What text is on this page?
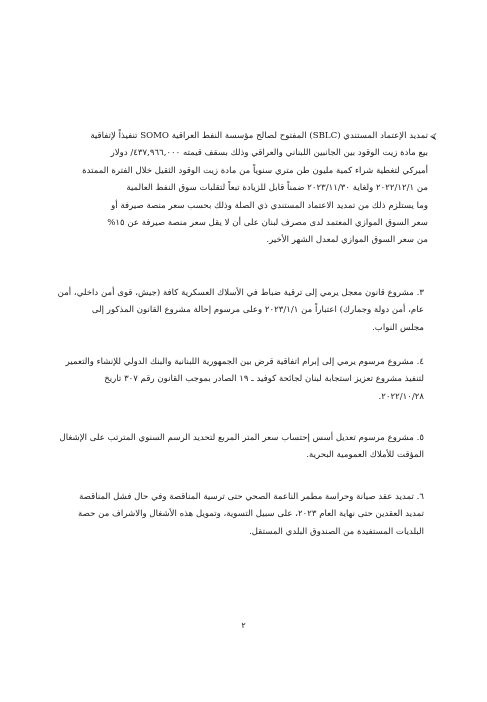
⮘
تمديد الإعتماد المستندي (SBLC) المفتوح لصالح مؤسسة النفط العراقية SOMO تنفيذاً لإتفاقية
بيع مادة زيت الوقود بين الجانبين اللبناني والعراقي وذلك بسقف قيمته ٤٣٧,٩٦٦,٠٠٠/ دولار
أميركي لتغطية شراء كمية مليون طن متري سنوياً من مادة زيت الوقود الثقيل خلال الفترة الممتدة
من ٢٠٢٢/١٢/١ ولغاية ٢٠٢٣/١١/٣٠ ضمناً قابل للزيادة تبعاً لتقلبات سوق النفط العالمية
وما يستلزم ذلك من تمديد الاعتماد المستندي ذي الصلة وذلك بحسب سعر منصة صيرفة أو
سعر السوق الموازي المعتمد لدى مصرف لبنان على أن لا يقل سعر منصة صيرفة عن ١٥%
من سعر السوق الموازي لمعدل الشهر الأخير.
٣. مشروع قانون معجل يرمي إلى ترقية ضباط في الأسلاك العسكرية كافة (جيش، قوى أمن داخلي، أمن
عام، أمن دولة وجمارك) اعتباراً من ٢٠٢٣/١/١ وعلى مرسوم إحالة مشروع القانون المذكور إلى
مجلس النواب.
٤. مشروع مرسوم يرمي إلى إبرام اتفاقية قرض بين الجمهورية اللبنانية والبنك الدولي للإنشاء والتعمير
لتنفيذ مشروع تعزيز استجابة لبنان لجائحة كوفيد ـ ١٩ الصادر بموجب القانون رقم ٣٠٧ تاريخ
٢٠٢٢/١٠/٢٨.
٥. مشروع مرسوم تعديل أسس إحتساب سعر المتر المربع لتحديد الرسم السنوي المترتب على الإشغال
المؤقت للأملاك العمومية البحرية.
٦. تمديد عقد صيانة وحراسة مطمر الناعمة الصحي حتى ترسية المناقصة وفي حال فشل المناقصة
تمديد العقدين حتى نهاية العام ٢٠٢٣، على سبيل التسوية، وتمويل هذه الأشغال والاشراف من حصة
البلديات المستفيدة من الصندوق البلدي المستقل.
٢
